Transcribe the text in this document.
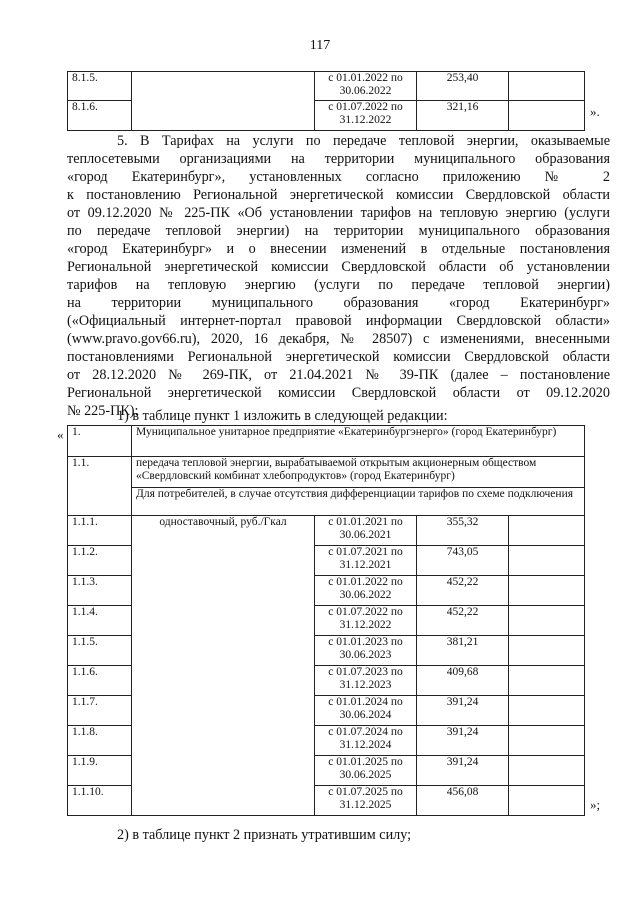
117
8.1.5.		с 01.01.2022 по 30.06.2022	253,40	
8.1.6.		с 01.07.2022 по 31.12.2022	321,16		».

5. В Тарифах на услуги по передаче тепловой энергии, оказываемые

теплосетевыми организациями на территории муниципального образования

«город Екатеринбург», установленных согласно приложению № 2

к постановлению Региональной энергетической комиссии Свердловской области

от 09.12.2020 № 225-ПК «Об установлении тарифов на тепловую энергию (услуги

по передаче тепловой энергии) на территории муниципального образования

«город Екатеринбург» и о внесении изменений в отдельные постановления

Региональной энергетической комиссии Свердловской области об установлении

тарифов на тепловую энергию (услуги по передаче тепловой энергии)

на территории муниципального образования «город Екатеринбург»

(«Официальный интернет-портал правовой информации Свердловской области»

(www.pravo.gov66.ru), 2020, 16 декабря, № 28507) с изменениями, внесенными

постановлениями Региональной энергетической комиссии Свердловской области

от 28.12.2020 № 269-ПК, от 21.04.2021 № 39-ПК (далее – постановление

Региональной энергетической комиссии Свердловской области от 09.12.2020

№ 225-ПК):

1) в таблице пункт 1 изложить в следующей редакции:

« 1.	Муниципальное унитарное предприятие «Екатеринбургэнерго» (город Екатеринбург)			
1.1.	передача тепловой энергии, вырабатываемой открытым акционерным обществом «Свердловский комбинат хлебопродуктов» (город Екатеринбург)			
	Для потребителей, в случае отсутствия дифференциации тарифов по схеме подключения			
1.1.1.	одноставочный, руб./Гкал	с 01.01.2021 по 30.06.2021	355,32	
1.1.2.		с 01.07.2021 по 31.12.2021	743,05	
1.1.3.		с 01.01.2022 по 30.06.2022	452,22	
1.1.4.		с 01.07.2022 по 31.12.2022	452,22	
1.1.5.		с 01.01.2023 по 30.06.2023	381,21	
1.1.6.		с 01.07.2023 по 31.12.2023	409,68	
1.1.7.		с 01.01.2024 по 30.06.2024	391,24	
1.1.8.		с 01.07.2024 по 31.12.2024	391,24	
1.1.9.		с 01.01.2025 по 30.06.2025	391,24	
1.1.10.		с 01.07.2025 по 31.12.2025	456,08	
»;

2) в таблице пункт 2 признать утратившим силу;
